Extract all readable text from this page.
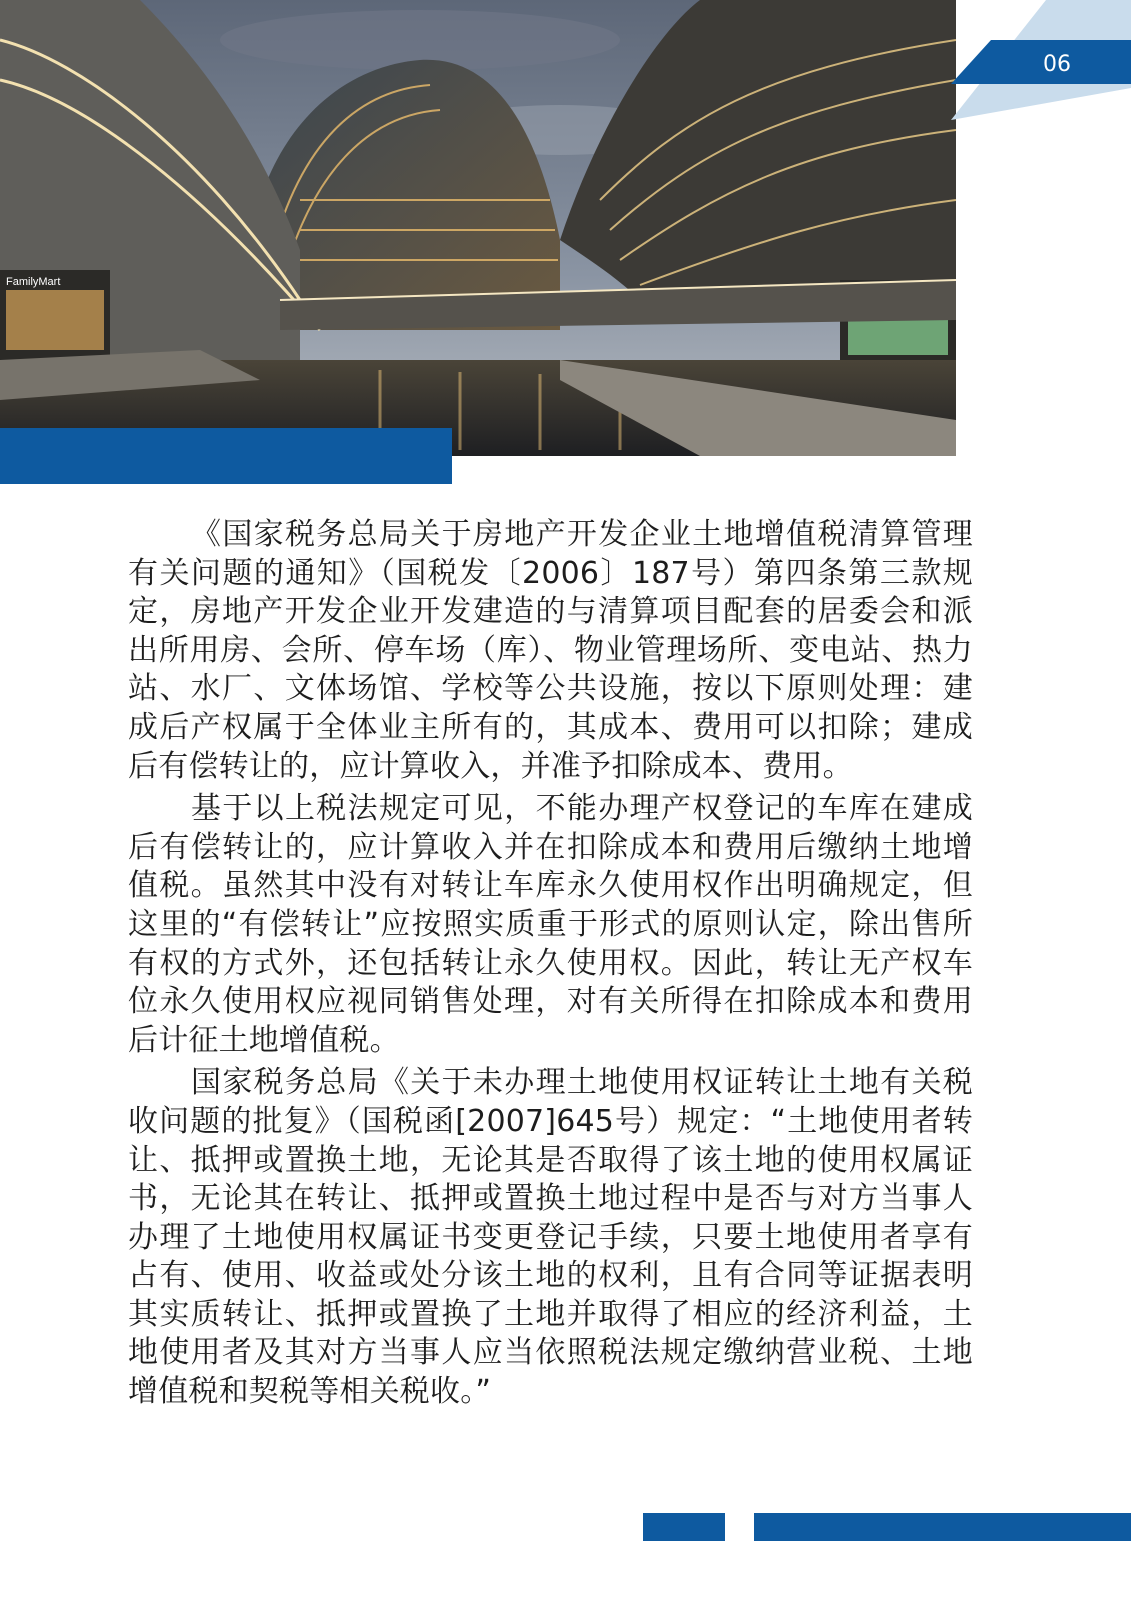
FamilyMart
06

《国家税务总局关于房地产开发企业土地增值税清算管理有关问题的通知》（国税发〔2006〕187号）第四条第三款规定，房地产开发企业开发建造的与清算项目配套的居委会和派出所用房、会所、停车场（库）、物业管理场所、变电站、热力站、水厂、文体场馆、学校等公共设施，按以下原则处理：建成后产权属于全体业主所有的，其成本、费用可以扣除；建成后有偿转让的，应计算收入，并准予扣除成本、费用。

基于以上税法规定可见，不能办理产权登记的车库在建成后有偿转让的，应计算收入并在扣除成本和费用后缴纳土地增值税。虽然其中没有对转让车库永久使用权作出明确规定，但这里的“有偿转让”应按照实质重于形式的原则认定，除出售所有权的方式外，还包括转让永久使用权。因此，转让无产权车位永久使用权应视同销售处理，对有关所得在扣除成本和费用后计征土地增值税。

国家税务总局《关于未办理土地使用权证转让土地有关税收问题的批复》（国税函[2007]645号）规定：“土地使用者转让、抵押或置换土地，无论其是否取得了该土地的使用权属证书，无论其在转让、抵押或置换土地过程中是否与对方当事人办理了土地使用权属证书变更登记手续，只要土地使用者享有占有、使用、收益或处分该土地的权利，且有合同等证据表明其实质转让、抵押或置换了土地并取得了相应的经济利益，土地使用者及其对方当事人应当依照税法规定缴纳营业税、土地增值税和契税等相关税收。”
